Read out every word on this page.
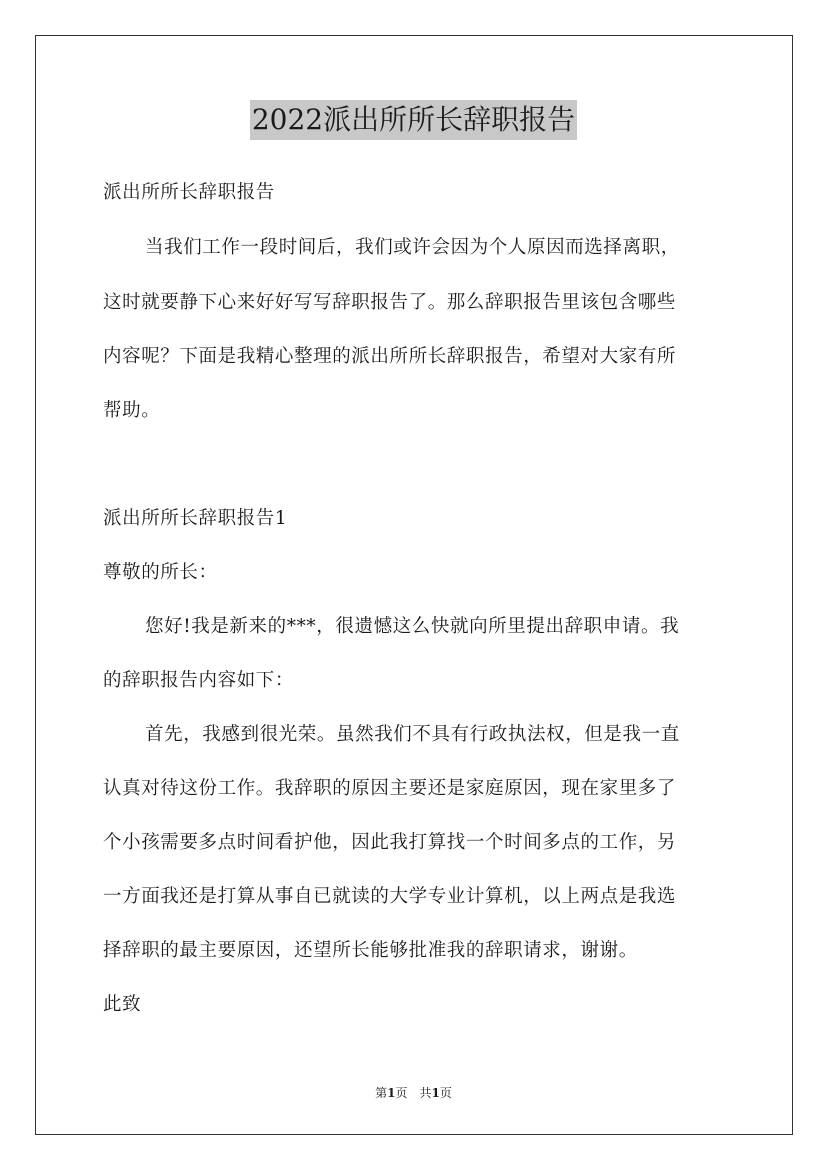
2022派出所所长辞职报告
派出所所长辞职报告
当我们工作一段时间后，我们或许会因为个人原因而选择离职，
这时就要静下心来好好写写辞职报告了。那么辞职报告里该包含哪些
内容呢？下面是我精心整理的派出所所长辞职报告，希望对大家有所
帮助。
派出所所长辞职报告1
尊敬的所长：
您好!我是新来的***，很遗憾这么快就向所里提出辞职申请。我
的辞职报告内容如下：
首先，我感到很光荣。虽然我们不具有行政执法权，但是我一直
认真对待这份工作。我辞职的原因主要还是家庭原因，现在家里多了
个小孩需要多点时间看护他，因此我打算找一个时间多点的工作，另
一方面我还是打算从事自已就读的大学专业计算机，以上两点是我选
择辞职的最主要原因，还望所长能够批准我的辞职请求，谢谢。
此致
第1页　共1页
